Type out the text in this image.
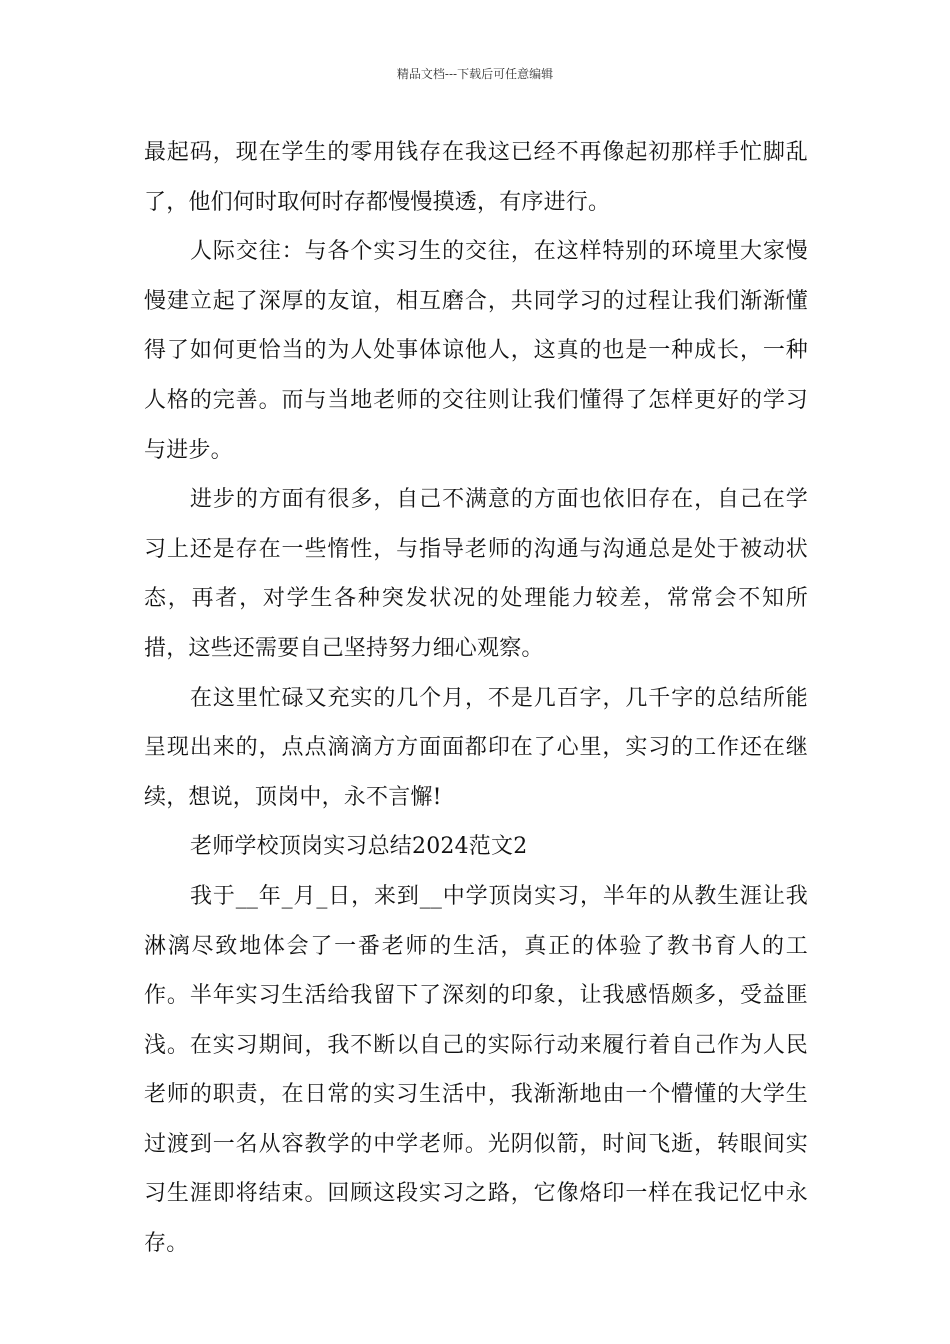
精品文档---下载后可任意编辑

最起码，现在学生的零用钱存在我这已经不再像起初那样手忙脚乱了，他们何时取何时存都慢慢摸透，有序进行。

人际交往：与各个实习生的交往，在这样特别的环境里大家慢慢建立起了深厚的友谊，相互磨合，共同学习的过程让我们渐渐懂得了如何更恰当的为人处事体谅他人，这真的也是一种成长，一种人格的完善。而与当地老师的交往则让我们懂得了怎样更好的学习与进步。

进步的方面有很多，自己不满意的方面也依旧存在，自己在学习上还是存在一些惰性，与指导老师的沟通与沟通总是处于被动状态，再者，对学生各种突发状况的处理能力较差，常常会不知所措，这些还需要自己坚持努力细心观察。

在这里忙碌又充实的几个月，不是几百字，几千字的总结所能呈现出来的，点点滴滴方方面面都印在了心里，实习的工作还在继续，想说，顶岗中，永不言懈!

老师学校顶岗实习总结2024范文2

我于__年_月_日，来到__中学顶岗实习，半年的从教生涯让我淋漓尽致地体会了一番老师的生活，真正的体验了教书育人的工作。半年实习生活给我留下了深刻的印象，让我感悟颇多，受益匪浅。在实习期间，我不断以自己的实际行动来履行着自己作为人民老师的职责，在日常的实习生活中，我渐渐地由一个懵懂的大学生过渡到一名从容教学的中学老师。光阴似箭，时间飞逝，转眼间实习生涯即将结束。回顾这段实习之路，它像烙印一样在我记忆中永存。
